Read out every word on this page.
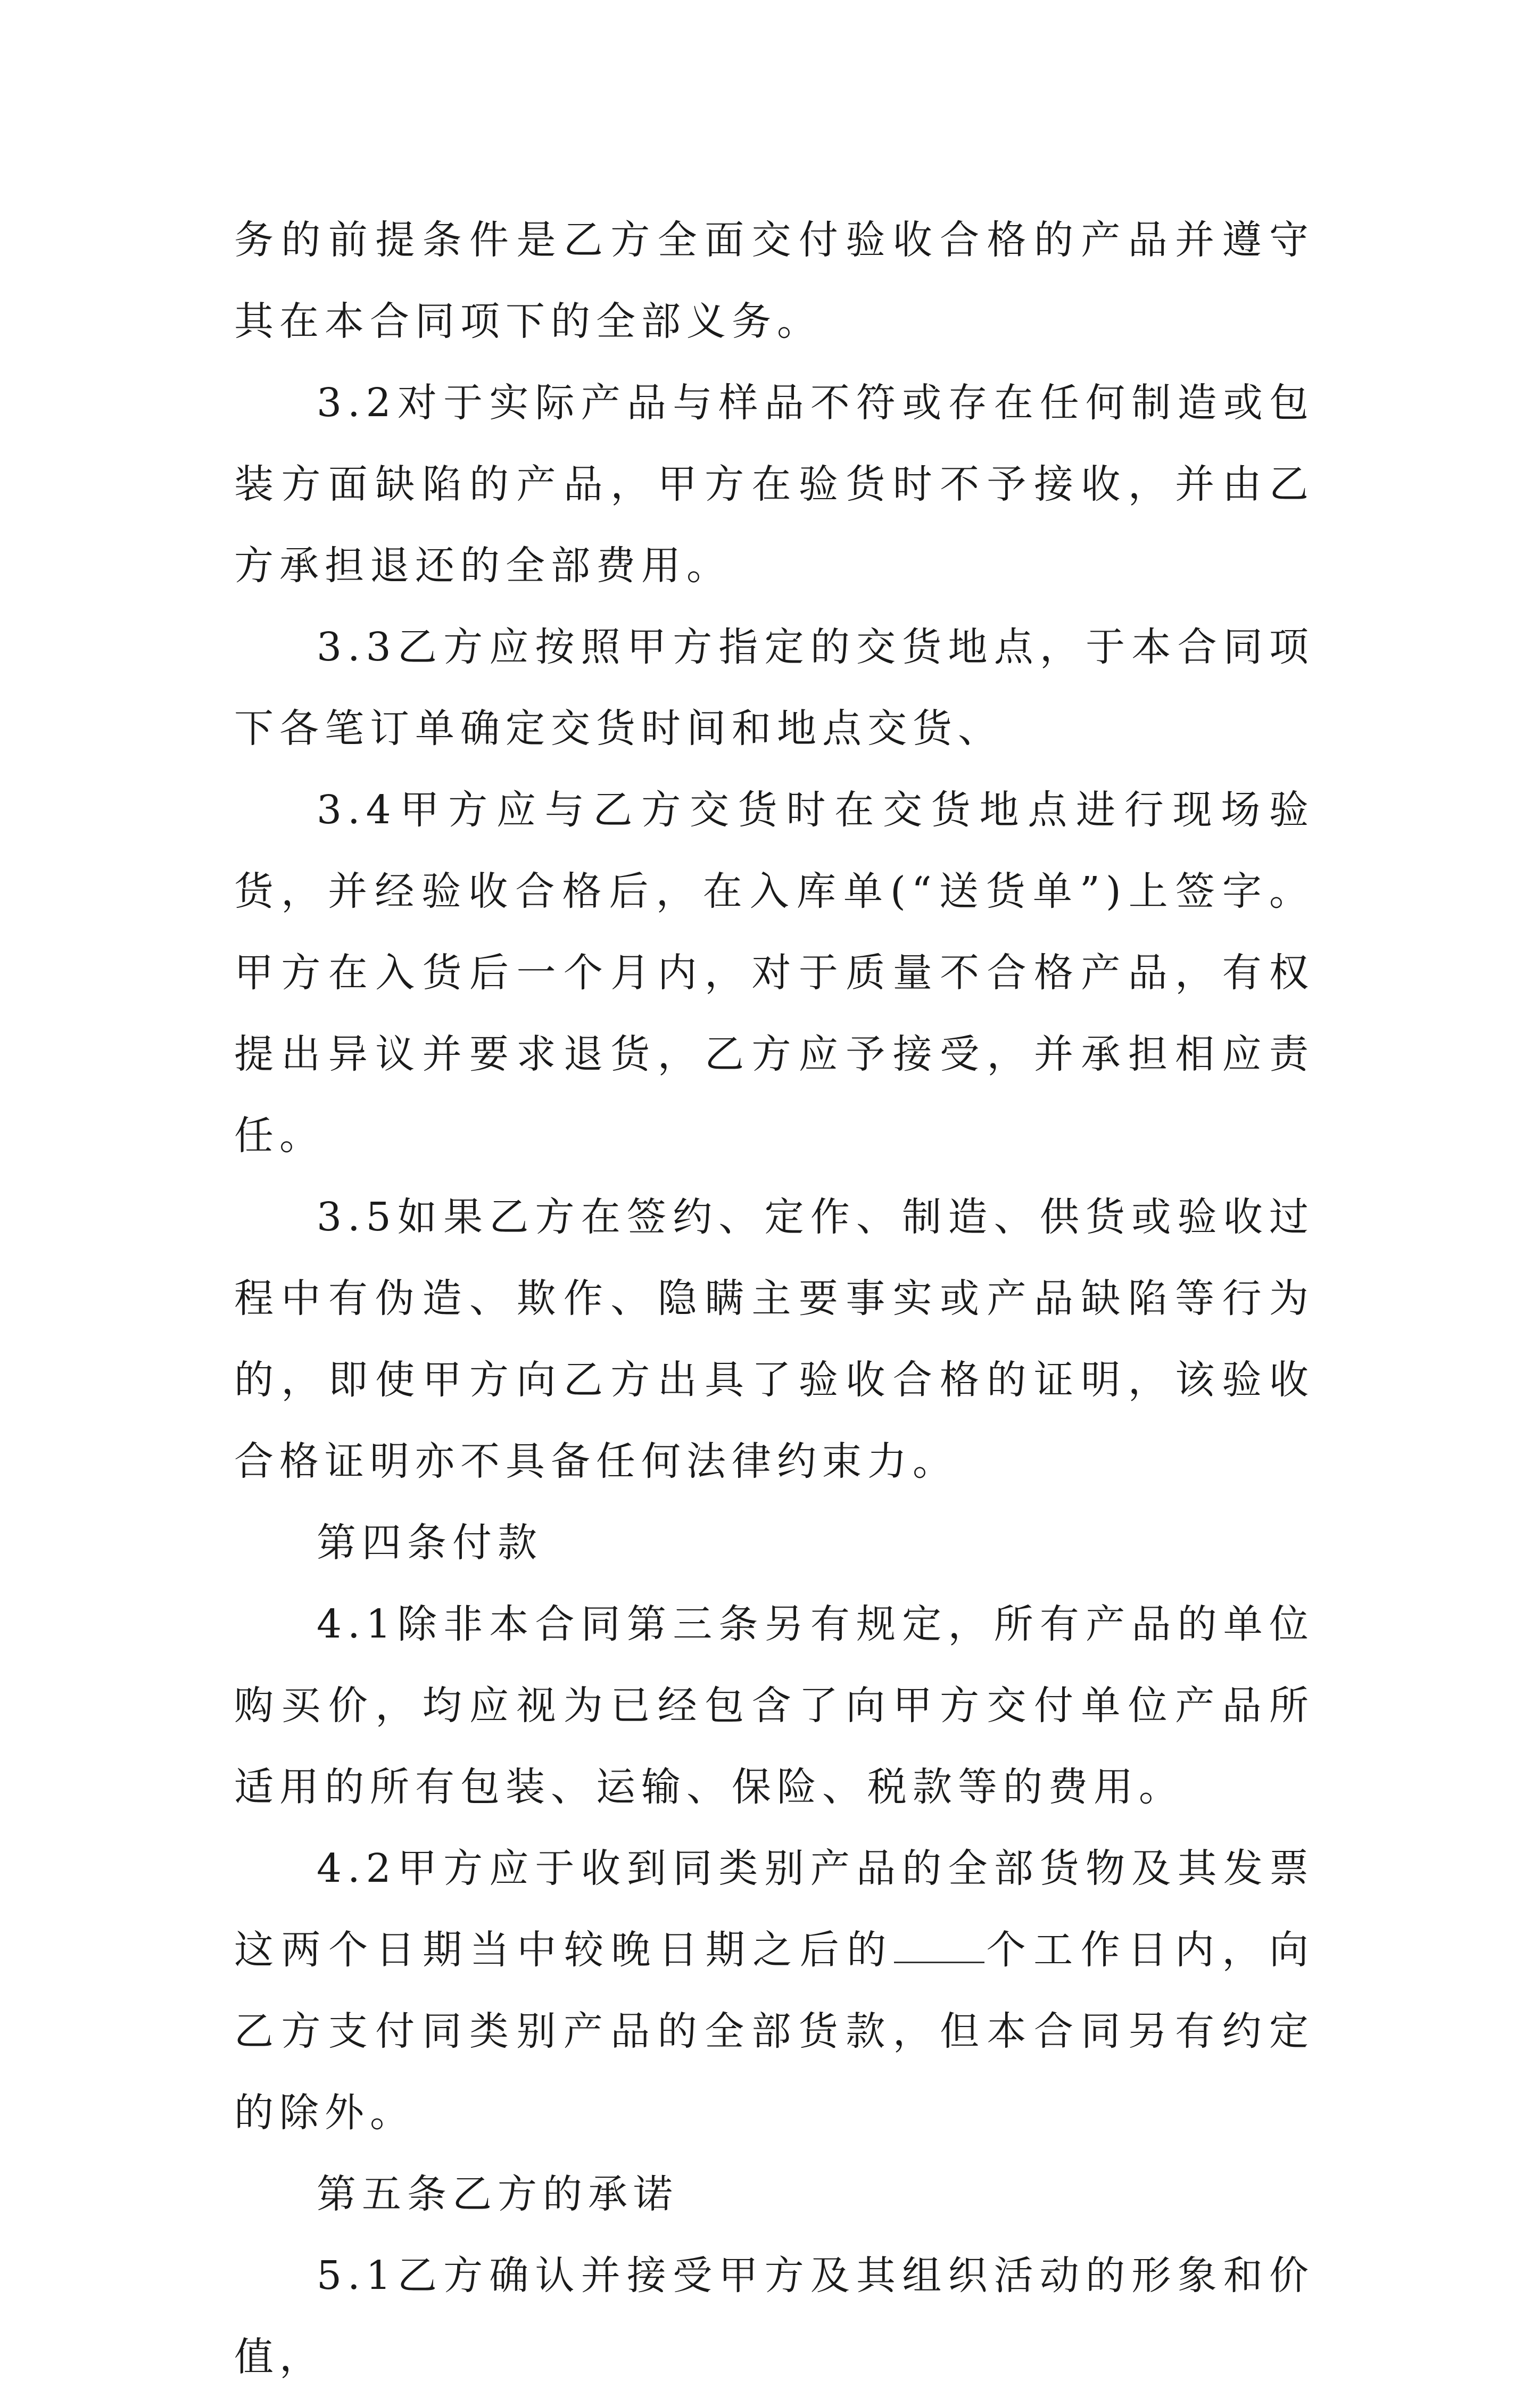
务的前提条件是乙方全面交付验收合格的产品并遵守其在本合同项下的全部义务。

3.2对于实际产品与样品不符或存在任何制造或包装方面缺陷的产品，甲方在验货时不予接收，并由乙方承担退还的全部费用。

3.3乙方应按照甲方指定的交货地点，于本合同项下各笔订单确定交货时间和地点交货、

3.4甲方应与乙方交货时在交货地点进行现场验货，并经验收合格后，在入库单(“送货单”)上签字。甲方在入货后一个月内，对于质量不合格产品，有权提出异议并要求退货，乙方应予接受，并承担相应责任。

3.5如果乙方在签约、定作、制造、供货或验收过程中有伪造、欺作、隐瞒主要事实或产品缺陷等行为的，即使甲方向乙方出具了验收合格的证明，该验收合格证明亦不具备任何法律约束力。

第四条付款

4.1除非本合同第三条另有规定，所有产品的单位购买价，均应视为已经包含了向甲方交付单位产品所适用的所有包装、运输、保险、税款等的费用。

4.2甲方应于收到同类别产品的全部货物及其发票这两个日期当中较晚日期之后的 个工作日内，向乙方支付同类别产品的全部货款，但本合同另有约定的除外。

第五条乙方的承诺

5.1乙方确认并接受甲方及其组织活动的形象和价值，
